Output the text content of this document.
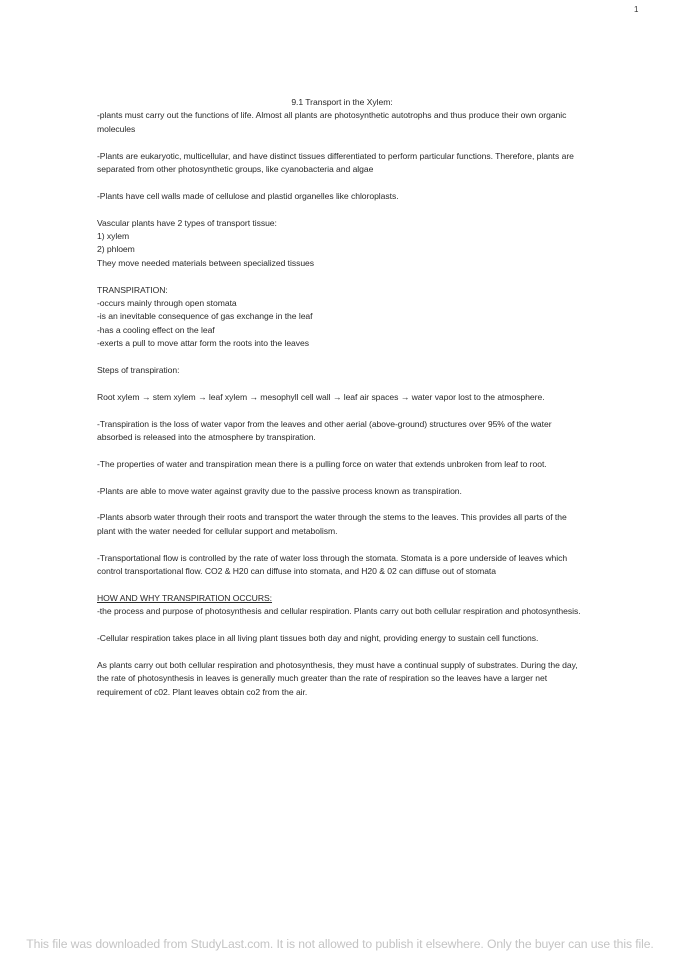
1

9.1 Transport in the Xylem:

-plants must carry out the functions of life. Almost all plants are photosynthetic autotrophs and thus produce their own organic molecules

-Plants are eukaryotic, multicellular, and have distinct tissues differentiated to perform particular functions. Therefore, plants are separated from other photosynthetic groups, like cyanobacteria and algae

-Plants have cell walls made of cellulose and plastid organelles like chloroplasts.

Vascular plants have 2 types of transport tissue:

1) xylem

2) phloem

They move needed materials between specialized tissues

TRANSPIRATION:

-occurs mainly through open stomata

-is an inevitable consequence of gas exchange in the leaf

-has a cooling effect on the leaf

-exerts a pull to move attar form the roots into the leaves

Steps of transpiration:

Root xylem → stem xylem → leaf xylem → mesophyll cell wall → leaf air spaces → water vapor lost to the atmosphere.

-Transpiration is the loss of water vapor from the leaves and other aerial (above-ground) structures over 95% of the water absorbed is released into the atmosphere by transpiration.

-The properties of water and transpiration mean there is a pulling force on water that extends unbroken from leaf to root.

-Plants are able to move water against gravity due to the passive process known as transpiration.

-Plants absorb water through their roots and transport the water through the stems to the leaves. This provides all parts of the plant with the water needed for cellular support and metabolism.

-Transportational flow is controlled by the rate of water loss through the stomata. Stomata is a pore underside of leaves which control transportational flow. CO2 & H20 can diffuse into stomata, and H20 & 02 can diffuse out of stomata

HOW AND WHY TRANSPIRATION OCCURS:

-the process and purpose of photosynthesis and cellular respiration. Plants carry out both cellular respiration and photosynthesis.

-Cellular respiration takes place in all living plant tissues both day and night, providing energy to sustain cell functions.

As plants carry out both cellular respiration and photosynthesis, they must have a continual supply of substrates. During the day, the rate of photosynthesis in leaves is generally much greater than the rate of respiration so the leaves have a larger net requirement of c02. Plant leaves obtain co2 from the air.

This file was downloaded from StudyLast.com. It is not allowed to publish it elsewhere. Only the buyer can use this file.
